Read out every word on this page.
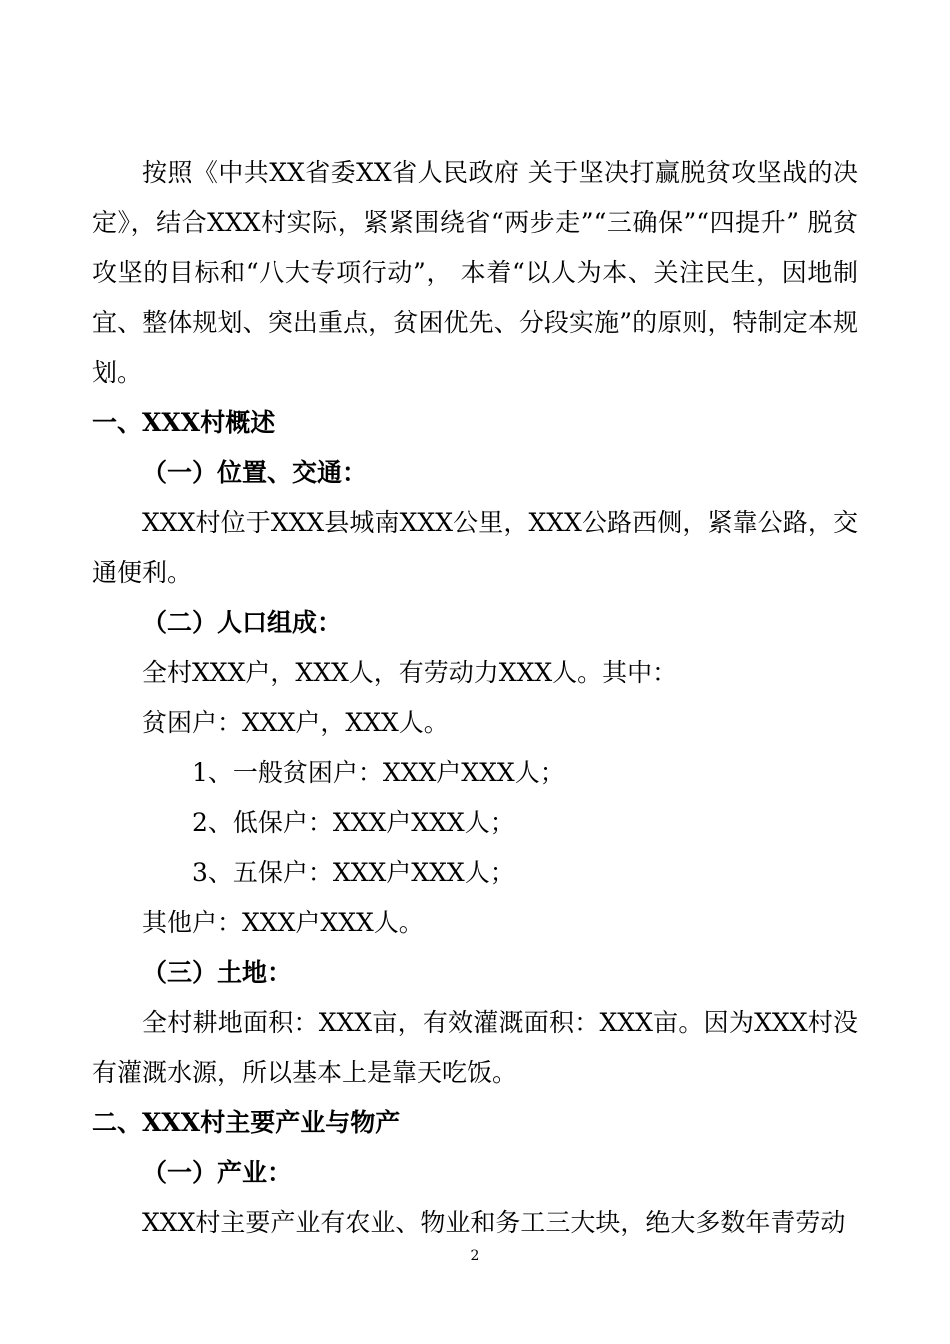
按照《中共XX省委XX省人民政府 关于坚决打赢脱贫攻坚战的决定》，结合XXX村实际，紧紧围绕省“两步走”“三确保”“四提升” 脱贫攻坚的目标和“八大专项行动”， 本着“以人为本、关注民生，因地制宜、整体规划、突出重点，贫困优先、分段实施”的原则，特制定本规划。

一、XXX村概述

（一）位置、交通：

XXX村位于XXX县城南XXX公里，XXX公路西侧，紧靠公路，交通便利。

（二）人口组成：

全村XXX户，XXX人，有劳动力XXX人。其中：

贫困户：XXX户，XXX人。

1、一般贫困户：XXX户XXX人；

2、低保户：XXX户XXX人；

3、五保户：XXX户XXX人；

其他户：XXX户XXX人。

（三）土地：

全村耕地面积：XXX亩，有效灌溉面积：XXX亩。因为XXX村没有灌溉水源，所以基本上是靠天吃饭。

二、XXX村主要产业与物产

（一）产业：

XXX村主要产业有农业、物业和务工三大块，绝大多数年青劳动

2
